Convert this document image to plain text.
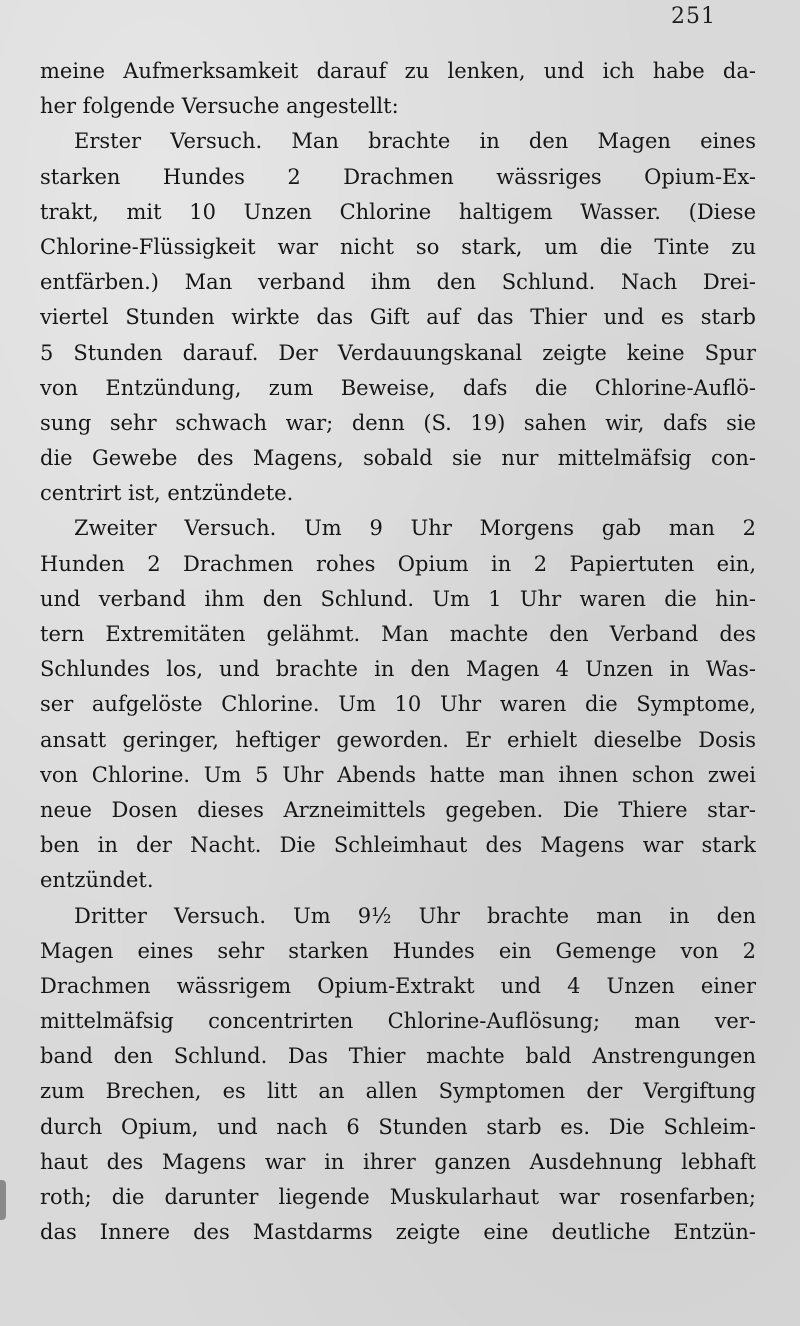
251
meine Aufmerksamkeit darauf zu lenken, und ich habe da-
her folgende Versuche angestellt:
Erster Versuch. Man brachte in den Magen eines
starken Hundes 2 Drachmen wässriges Opium-Ex-
trakt, mit 10 Unzen Chlorine haltigem Wasser. (Diese
Chlorine-Flüssigkeit war nicht so stark, um die Tinte zu
entfärben.) Man verband ihm den Schlund. Nach Drei-
viertel Stunden wirkte das Gift auf das Thier und es starb
5 Stunden darauf. Der Verdauungskanal zeigte keine Spur
von Entzündung, zum Beweise, dafs die Chlorine-Auflö-
sung sehr schwach war; denn (S. 19) sahen wir, dafs sie
die Gewebe des Magens, sobald sie nur mittelmäfsig con-
centrirt ist, entzündete.
Zweiter Versuch. Um 9 Uhr Morgens gab man 2
Hunden 2 Drachmen rohes Opium in 2 Papiertuten ein,
und verband ihm den Schlund. Um 1 Uhr waren die hin-
tern Extremitäten gelähmt. Man machte den Verband des
Schlundes los, und brachte in den Magen 4 Unzen in Was-
ser aufgelöste Chlorine. Um 10 Uhr waren die Symptome,
ansatt geringer, heftiger geworden. Er erhielt dieselbe Dosis
von Chlorine. Um 5 Uhr Abends hatte man ihnen schon zwei
neue Dosen dieses Arzneimittels gegeben. Die Thiere star-
ben in der Nacht. Die Schleimhaut des Magens war stark
entzündet.
Dritter Versuch. Um 9½ Uhr brachte man in den
Magen eines sehr starken Hundes ein Gemenge von 2
Drachmen wässrigem Opium-Extrakt und 4 Unzen einer
mittelmäfsig concentrirten Chlorine-Auflösung; man ver-
band den Schlund. Das Thier machte bald Anstrengungen
zum Brechen, es litt an allen Symptomen der Vergiftung
durch Opium, und nach 6 Stunden starb es. Die Schleim-
haut des Magens war in ihrer ganzen Ausdehnung lebhaft
roth; die darunter liegende Muskularhaut war rosenfarben;
das Innere des Mastdarms zeigte eine deutliche Entzün-
